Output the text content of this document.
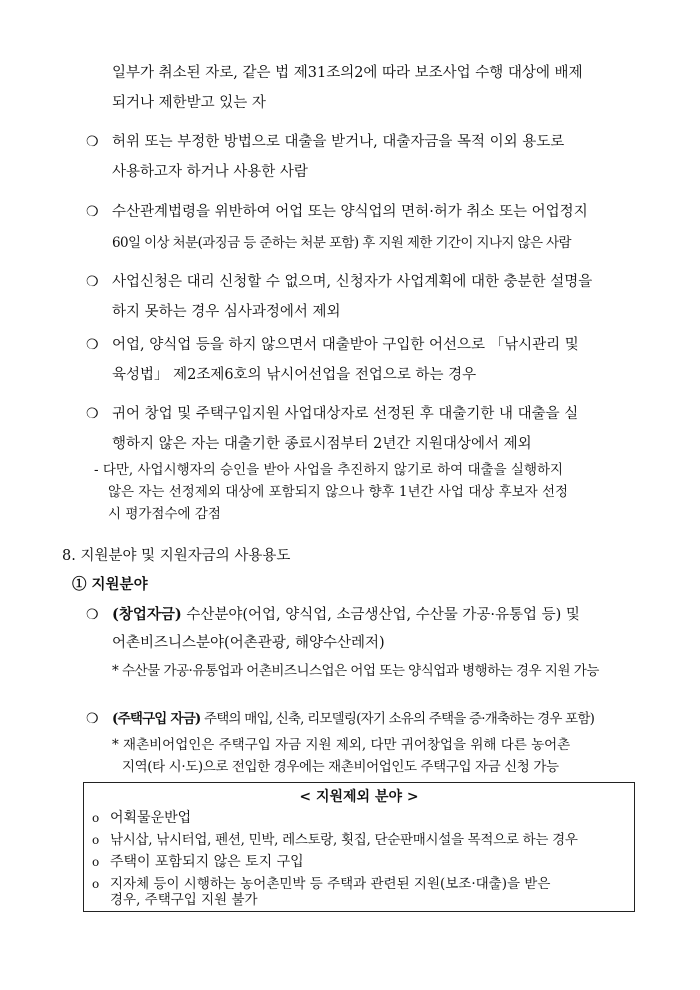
일부가 취소된 자로, 같은 법 제31조의2에 따라 보조사업 수행 대상에 배제
되거나 제한받고 있는 자
❍ 허위 또는 부정한 방법으로 대출을 받거나, 대출자금을 목적 이외 용도로
사용하고자 하거나 사용한 사람
❍ 수산관계법령을 위반하여 어업 또는 양식업의 면허·허가 취소 또는 어업정지
60일 이상 처분(과징금 등 준하는 처분 포함) 후 지원 제한 기간이 지나지 않은 사람
❍ 사업신청은 대리 신청할 수 없으며, 신청자가 사업계획에 대한 충분한 설명을
하지 못하는 경우 심사과정에서 제외
❍ 어업, 양식업 등을 하지 않으면서 대출받아 구입한 어선으로 「낚시관리 및
육성법」 제2조제6호의 낚시어선업을 전업으로 하는 경우
❍ 귀어 창업 및 주택구입지원 사업대상자로 선정된 후 대출기한 내 대출을 실
행하지 않은 자는 대출기한 종료시점부터 2년간 지원대상에서 제외
- 다만, 사업시행자의 승인을 받아 사업을 추진하지 않기로 하여 대출을 실행하지
않은 자는 선정제외 대상에 포함되지 않으나 향후 1년간 사업 대상 후보자 선정
시 평가점수에 감점
8. 지원분야 및 지원자금의 사용용도
① 지원분야
❍ (창업자금) 수산분야(어업, 양식업, 소금생산업, 수산물 가공·유통업 등) 및
어촌비즈니스분야(어촌관광, 해양수산레저)
* 수산물 가공·유통업과 어촌비즈니스업은 어업 또는 양식업과 병행하는 경우 지원 가능
❍ (주택구입 자금) 주택의 매입, 신축, 리모델링(자기 소유의 주택을 증·개축하는 경우 포함)
* 재촌비어업인은 주택구입 자금 지원 제외, 다만 귀어창업을 위해 다른 농어촌
지역(타 시·도)으로 전입한 경우에는 재촌비어업인도 주택구입 자금 신청 가능
< 지원제외 분야 >
o 어획물운반업
o 낚시삽, 낚시터업, 펜션, 민박, 레스토랑, 횟집, 단순판매시설을 목적으로 하는 경우
o 주택이 포함되지 않은 토지 구입
o 지자체 등이 시행하는 농어촌민박 등 주택과 관련된 지원(보조·대출)을 받은
경우, 주택구입 지원 불가
